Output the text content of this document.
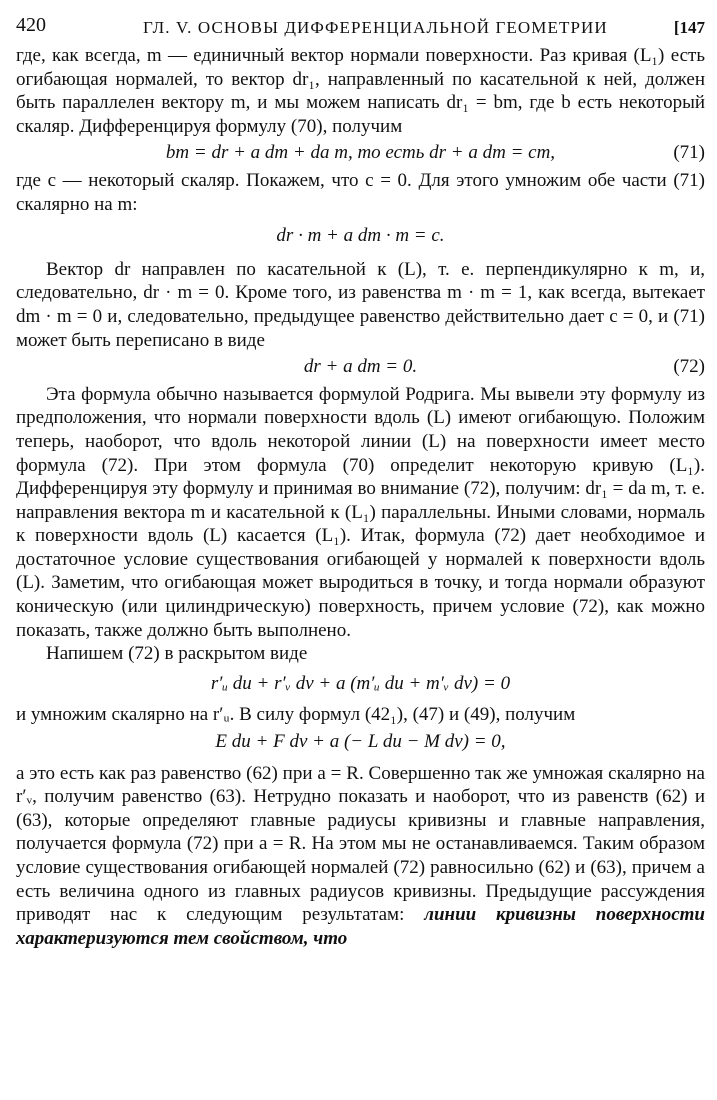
420	ГЛ. V. ОСНОВЫ ДИФФЕРЕНЦИАЛЬНОЙ ГЕОМЕТРИИ	[147

где, как всегда, m — единичный вектор нормали поверхности. Раз кривая (L₁) есть огибающая нормалей, то вектор dr₁, направленный по касательной к ней, должен быть параллелен вектору m, и мы можем написать dr₁ = bm, где b есть некоторый скаляр. Дифференцируя формулу (70), получим

bm = dr + a dm + da m, то есть dr + a dm = cm,	(71)

где c — некоторый скаляр. Покажем, что c = 0. Для этого умножим обе части (71) скалярно на m:

dr · m + a dm · m = c.

Вектор dr направлен по касательной к (L), т. е. перпендикулярно к m, и, следовательно, dr · m = 0. Кроме того, из равенства m · m = 1, как всегда, вытекает dm · m = 0 и, следовательно, предыдущее равенство действительно дает c = 0, и (71) может быть переписано в виде

dr + a dm = 0.	(72)

Эта формула обычно называется формулой Родрига. Мы вывели эту формулу из предположения, что нормали поверхности вдоль (L) имеют огибающую. Положим теперь, наоборот, что вдоль некоторой линии (L) на поверхности имеет место формула (72). При этом формула (70) определит некоторую кривую (L₁). Дифференцируя эту формулу и принимая во внимание (72), получим: dr₁ = da m, т. е. направления вектора m и касательной к (L₁) параллельны. Иными словами, нормаль к поверхности вдоль (L) касается (L₁). Итак, формула (72) дает необходимое и достаточное условие существования огибающей у нормалей к поверхности вдоль (L). Заметим, что огибающая может выродиться в точку, и тогда нормали образуют коническую (или цилиндрическую) поверхность, причем условие (72), как можно показать, также должно быть выполнено.

Напишем (72) в раскрытом виде

r′ᵤ du + r′ᵥ dv + a (m′ᵤ du + m′ᵥ dv) = 0

и умножим скалярно на r′ᵤ. В силу формул (42₁), (47) и (49), получим

E du + F dv + a (− L du − M dv) = 0,

а это есть как раз равенство (62) при a = R. Совершенно так же умножая скалярно на r′ᵥ, получим равенство (63). Нетрудно показать и наоборот, что из равенств (62) и (63), которые определяют главные радиусы кривизны и главные направления, получается формула (72) при a = R. На этом мы не останавливаемся. Таким образом условие существования огибающей нормалей (72) равносильно (62) и (63), причем a есть величина одного из главных радиусов кривизны. Предыдущие рассуждения приводят нас к следующим результатам: линии кривизны поверхности характеризуются тем свойством, что
